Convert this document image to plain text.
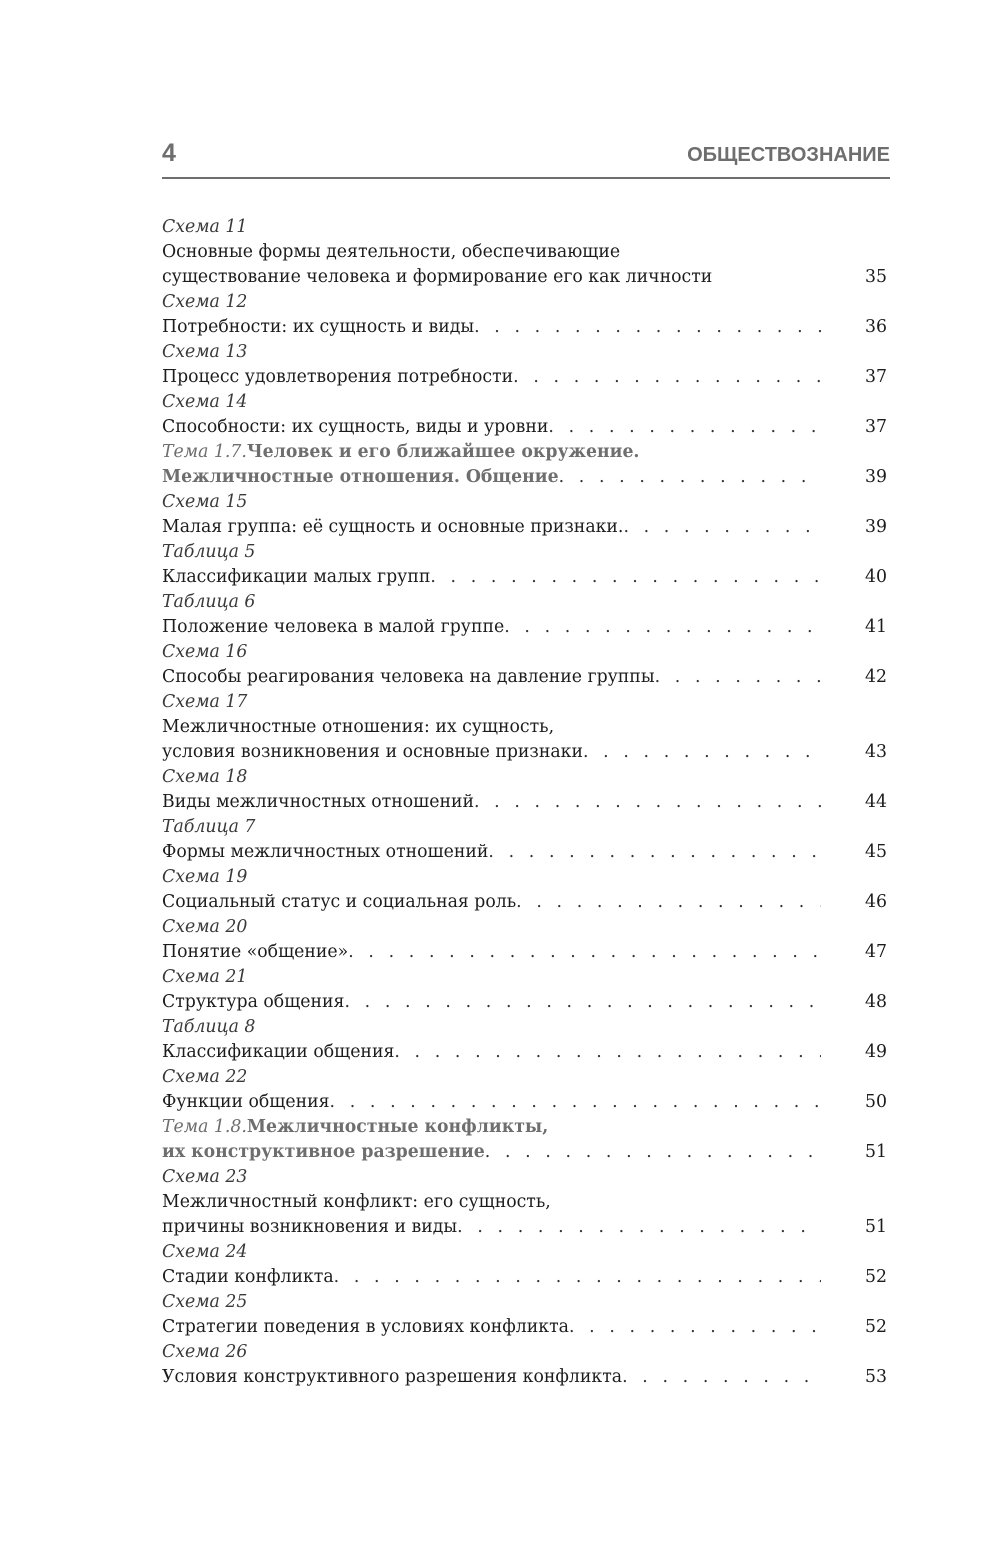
4	ОБЩЕСТВОЗНАНИЕ
Схема 11
Основные формы деятельности, обеспечивающие
существование человека и формирование его как личности	35
Схема 12
Потребности: их сущность и виды . . .	36
Схема 13
Процесс удовлетворения потребности . . .	37
Схема 14
Способности: их сущность, виды и уровни . . .	37
Тема 1.7. Человек и его ближайшее окружение.
Межличностные отношения. Общение . . .	39
Схема 15
Малая группа: её сущность и основные признаки. . . .	39
Таблица 5
Классификации малых групп . . .	40
Таблица 6
Положение человека в малой группе . . .	41
Схема 16
Способы реагирования человека на давление группы . . .	42
Схема 17
Межличностные отношения: их сущность,
условия возникновения и основные признаки . . .	43
Схема 18
Виды межличностных отношений . . .	44
Таблица 7
Формы межличностных отношений . . .	45
Схема 19
Социальный статус и социальная роль . . .	46
Схема 20
Понятие «общение» . . .	47
Схема 21
Структура общения . . .	48
Таблица 8
Классификации общения . . .	49
Схема 22
Функции общения . . .	50
Тема 1.8. Межличностные конфликты,
их конструктивное разрешение . . .	51
Схема 23
Межличностный конфликт: его сущность,
причины возникновения и виды . . .	51
Схема 24
Стадии конфликта . . .	52
Схема 25
Стратегии поведения в условиях конфликта . . .	52
Схема 26
Условия конструктивного разрешения конфликта . . .	53
